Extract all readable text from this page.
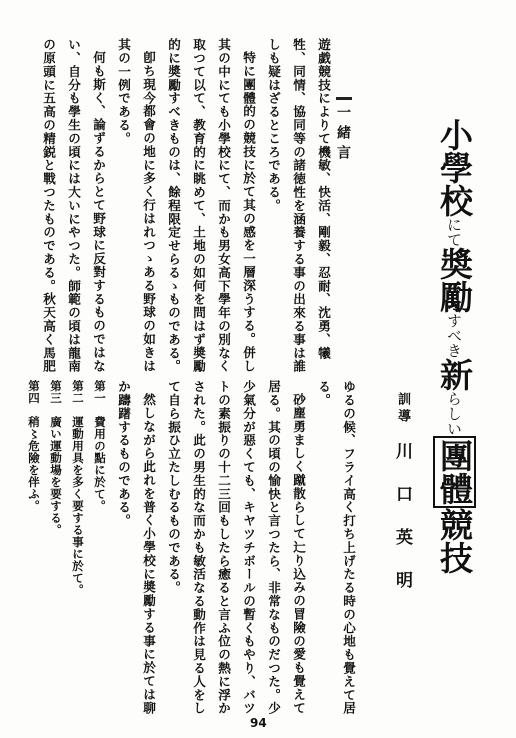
小學校にて奬勵すべき新らしい團體競技
訓導
川口英明
ゆるの候、フライ高く打ち上げたる時の心地も覺えて居
る。
砂塵勇ましく蹴散らして辷り込みの冒險の愛も覺えて
居る。其の頃の愉快と言つたら、非常なものだつた。少
少氣分が惡くても、キヤツチボールの暫くもやり、バツ
トの素振りの十二三回もしたら癒ると言ふ位の熱に浮か
された。此の男生的な而かも敏活なる動作は見る人をし
て自ら振ひ立たしむるものである。
然しながら此れを普く小學校に奬勵する事に於ては聊
か躊躇するものである。
第一　費用の點に於て。
第二　運動用具を多く要する事に於て。
第三　廣い運動場を要する。
第四　稍〻危險を伴ふ。
一緒言
遊戯競技によりて機敏、快活、剛毅、忍耐、沈勇、犧
牲、同情、協同等の諸徳性を涵養する事の出來る事は誰
しも疑はざるところである。
特に團體的の競技に於て其の感を一層深うする。併し
其の中にても小學校にて、而かも男女高下學年の別なく
取つて以て、教育的に眺めて、土地の如何を問はず奬勵
的に奬勵すべきものは、餘程限定せらるゝものである。
卽ち現今都會の地に多く行はれつゝある野球の如きは
其の一例である。
何も斯く、論ずるからとて野球に反對するものではな
い、自分も學生の頃には大いにやつた。師範の頃は龍南
の原頭に五高の精鋭と戰つたものである。秋天高く馬肥
94
